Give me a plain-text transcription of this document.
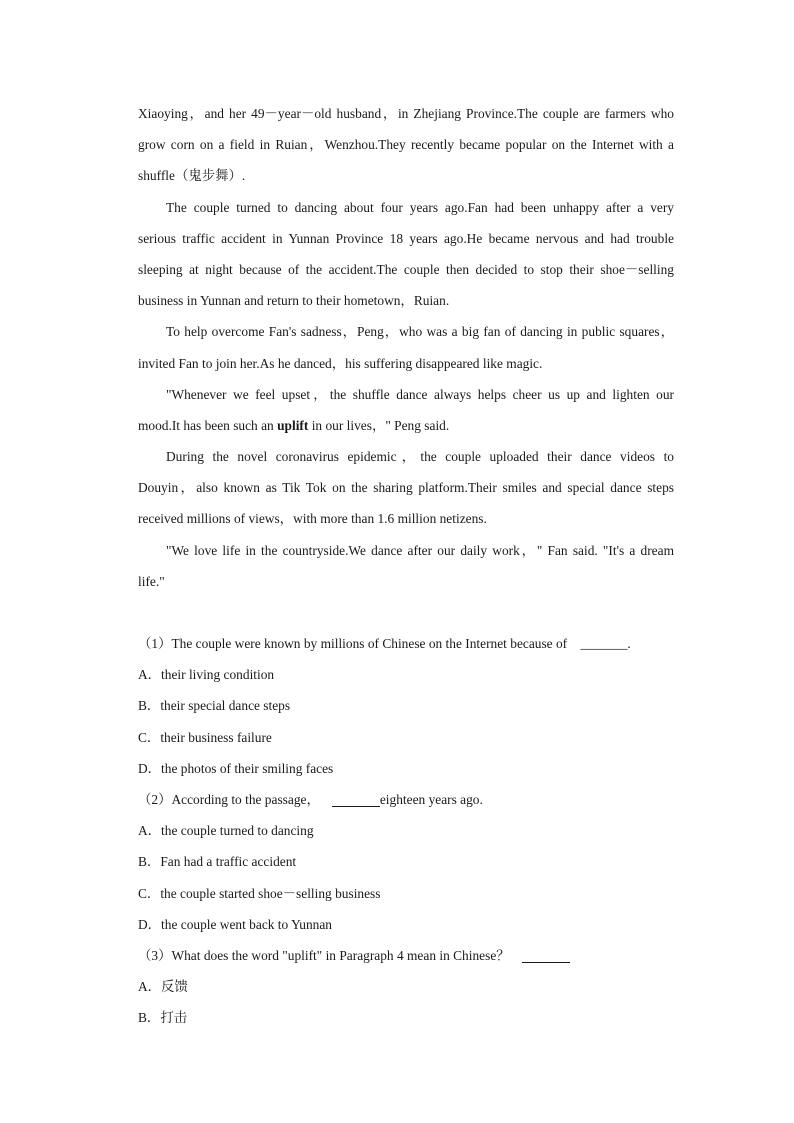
Xiaoying，and her 49－year－old husband，in Zhejiang Province.The couple are farmers who
grow corn on a field in Ruian，Wenzhou.They recently became popular on the Internet with a
shuffle（鬼步舞）.
The couple turned to dancing about four years ago.Fan had been unhappy after a very
serious traffic accident in Yunnan Province 18 years ago.He became nervous and had trouble
sleeping at night because of the accident.The couple then decided to stop their shoe－selling
business in Yunnan and return to their hometown，Ruian.
To help overcome Fan's sadness，Peng，who was a big fan of dancing in public squares，
invited Fan to join her.As he danced，his suffering disappeared like magic.
"Whenever we feel upset，the shuffle dance always helps cheer us up and lighten our
mood.It has been such an uplift in our lives，" Peng said.
During the novel coronavirus epidemic，the couple uploaded their dance videos to
Douyin，also known as Tik Tok on the sharing platform.Their smiles and special dance steps
received millions of views，with more than 1.6 million netizens.
"We love life in the countryside.We dance after our daily work，" Fan said. "It's a dream
life."
（1）The couple were known by millions of Chinese on the Internet because of _______.
A．their living condition
B．their special dance steps
C．their business failure
D．the photos of their smiling faces
（2）According to the passage，	eighteen years ago.
A．the couple turned to dancing
B．Fan had a traffic accident
C．the couple started shoe－selling business
D．the couple went back to Yunnan
（3）What does the word "uplift" in Paragraph 4 mean in Chinese？
A．反馈
B．打击
